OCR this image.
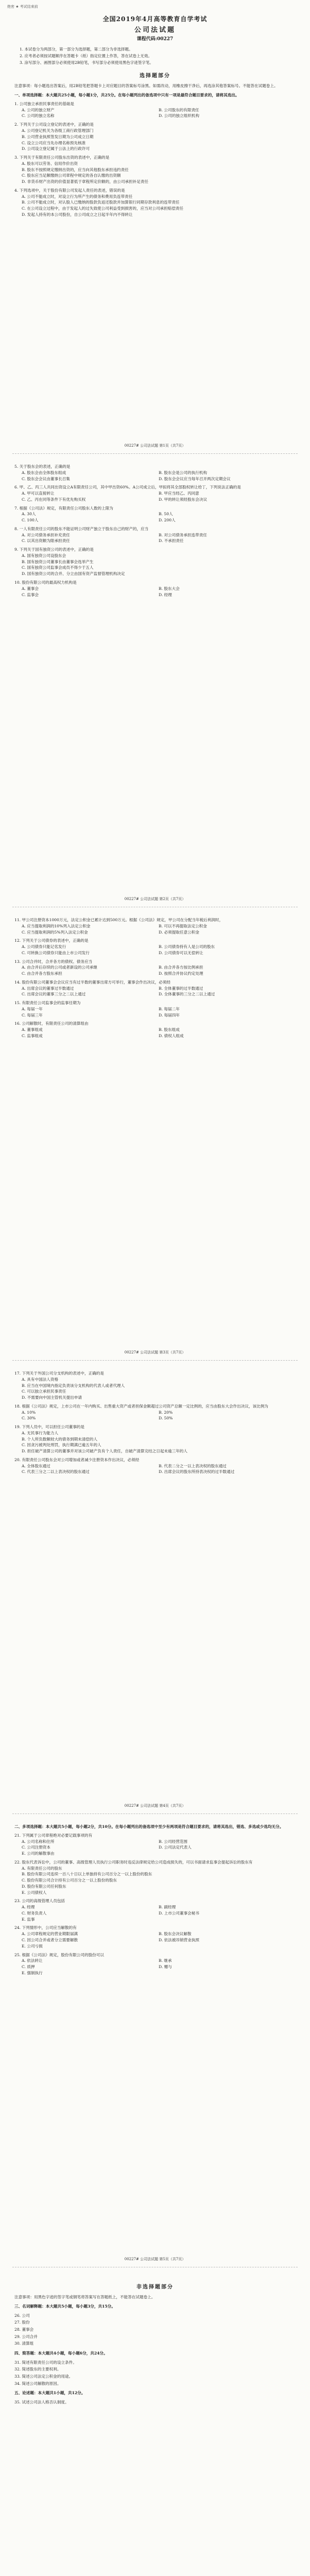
绝密 ★ 考试结束前
全国2019年4月高等教育自学考试
公司法试题
课程代码:00227
1. 本试卷分为两部分，第一部分为选择题，第二部分为非选择题。
2. 应考者必须按试题顺序在答题卡（纸）指定位置上作答，答在试卷上无效。
3. 涂写部分、画图部分必须使用2B铅笔，书写部分必须使用黑色字迹签字笔。
选择题部分
注意事项：每小题选出答案后，用2B铅笔把答题卡上对应题目的答案标号涂黑。如需改动，用橡皮擦干净后，再选涂其他答案标号。不能答在试题卷上。
一、单项选择题：本大题共25小题，每小题1分，共25分。在每小题列出的备选项中只有一项是最符合题目要求的，请将其选出。
1. 公司独立承担民事责任的基础是
A. 公司的独立财产	B. 公司股东的有限责任
C. 公司的独立名称	D. 公司的独立组织机构
2. 下列关于公司设立登记的表述中，正确的是
A. 公司登记机关为各级工商行政管理部门
B. 公司营业执照签发日期为公司成立日期
C. 设立公司应当先办理名称预先核准
D. 公司设立登记属于公法上的行政许可
3. 下列关于有限责任公司股东出资的表述中，正确的是
A. 股东可以劳务、信用作价出资
B. 股东不按照规定缴纳出资的，应当向其他股东承担违约责任
C. 股东应当足额缴纳公司章程中规定的各自认缴的出资额
D. 非货币财产出资的价值显著低于章程所定价额的，由公司承担补足责任
4. 下列选项中，关于股份有限公司发起人责任的表述，错误的是
A. 公司不能成立时，对设立行为所产生的债务和费用负连带责任
B. 公司不能成立时，对认股人已缴纳的股款负返还股款并加算银行同期存款利息的连带责任
C. 在公司设立过程中，由于发起人的过失致使公司利益受到损害的，应当对公司承担赔偿责任
D. 发起人持有的本公司股份，自公司成立之日起半年内不得转让
00227# 公司法试题 第1页（共7页）
5. 关于股东会的表述，正确的是
A. 股东会由全体股东组成	B. 股东会是公司的执行机构
C. 股东会会议由董事长召集	D. 股东会会议应当每年召开两次定期会议
6. 甲、乙、丙三人共同出资设立A有限责任公司，其中甲出资60%。A公司成立后，甲拟将其全部股权转让给丁，下列说法正确的是
A. 甲可以直接转让	B. 甲应当经乙、丙同意
C. 乙、丙在同等条件下有优先购买权	D. 甲的转让须经股东会决议
7. 根据《公司法》规定，有限责任公司股东人数的上限为
A. 30人	B. 50人
C. 100人	D. 200人
8. 一人有限责任公司的股东不能证明公司财产独立于股东自己的财产的，应当
A. 对公司债务承担补充责任	B. 对公司债务承担连带责任
C. 以其出资额为限承担责任	D. 不承担责任
9. 下列关于国有独资公司的表述中，正确的是
A. 国有独资公司设股东会
B. 国有独资公司董事长由董事会选举产生
C. 国有独资公司监事会成员不得少于五人
D. 国有独资公司的合并、分立由国有资产监督管理机构决定
10. 股份有限公司的最高权力机构是
A. 董事会	B. 股东大会
C. 监事会	D. 经理
00227# 公司法试题 第2页（共7页）
11. 甲公司注册资本1000万元，法定公积金已累计达到500万元。根据《公司法》规定，甲公司在分配当年税后利润时，
A. 应当提取利润的10%列入法定公积金	B. 可以不再提取法定公积金
C. 应当提取利润的5%列入法定公积金	D. 必须提取任意公积金
12. 下列关于公司债券的表述中，正确的是
A. 公司债券只能记名发行	B. 公司债券持有人是公司的股东
C. 可转换公司债券只能由上市公司发行	D. 公司债券可以无偿转让
13. 公司合并时，合并各方的债权、债务应当
A. 由合并后存续的公司或者新设的公司承继	B. 由合并各方按比例承担
C. 由合并各方股东承担	D. 按照合并协议约定处理
14. 股份有限公司董事会会议应当有过半数的董事出席方可举行，董事会作出决议，必须经
A. 出席会议的董事过半数通过	B. 全体董事的过半数通过
C. 出席会议的董事三分之二以上通过	D. 全体董事的三分之二以上通过
15. 有限责任公司监事会的监事任期为
A. 每届一年	B. 每届二年
C. 每届三年	D. 每届四年
16. 公司解散时，有限责任公司的清算组由
A. 董事组成	B. 股东组成
C. 监事组成	D. 债权人组成
00227# 公司法试题 第3页（共7页）
17. 下列关于外国公司分支机构的表述中，正确的是
A. 具有中国法人资格
B. 应当在中国境内指定负责该分支机构的代表人或者代理人
C. 可以独立承担民事责任
D. 不需要向中国主管机关提出申请
18. 根据《公司法》规定，上市公司在一年内购买、出售重大资产或者担保金额超过公司资产总额一定比例的，应当由股东大会作出决议，该比例为
A. 10%	B. 20%
C. 30%	D. 50%
19. 下列人员中，可以担任公司董事的是
A. 无民事行为能力人
B. 个人所负数额较大的债务到期未清偿的人
C. 因贪污被判处刑罚，执行期满已逾五年的人
D. 担任破产清算公司的董事并对该公司破产负有个人责任，自破产清算完结之日起未逾三年的人
20. 有限责任公司股东会对公司增加或者减少注册资本作出决议，必须经
A. 全体股东通过	B. 代表二分之一以上表决权的股东通过
C. 代表三分之二以上表决权的股东通过	D. 出席会议的股东所持表决权的过半数通过
00227# 公司法试题 第4页（共7页）
二、多项选择题：本大题共5小题，每小题2分，共10分。在每小题列出的备选项中至少有两项是符合题目要求的，请将其选出，错选、多选或少选均无分。
21. 下列属于公司章程绝对必要记载事项的有
A. 公司名称和住所	B. 公司经营范围
C. 公司注册资本	D. 公司法定代表人
E. 公司的解散事由
22. 股东代表诉讼中，公司的董事、高级管理人员执行公司职务时违反法律规定给公司造成损失的，可以书面请求监事会提起诉讼的股东有
A. 有限责任公司的股东
B. 股份有限公司连续一百八十日以上单独持有公司百分之一以上股份的股东
C. 股份有限公司合计持有公司百分之一以上股份的股东
D. 股份有限公司任何股东
E. 公司债权人
23. 公司的高级管理人员包括
A. 经理	B. 副经理
C. 财务负责人	D. 上市公司董事会秘书
E. 监事
24. 下列情形中，公司应当解散的有
A. 公司章程规定的营业期限届满	B. 股东会决议解散
C. 因公司合并或者分立需要解散	D. 依法被吊销营业执照
E. 公司亏损
25. 根据《公司法》规定，股份有限公司的股份可以
A. 依法转让	B. 继承
C. 质押	D. 赠与
E. 强制执行
00227# 公司法试题 第5页（共7页）
非选择题部分
注意事项：用黑色字迹的签字笔或钢笔将答案写在答题纸上，不能答在试题卷上。
三、名词解释题：本大题共5小题，每小题3分，共15分。
26. 公司
27. 股份
28. 董事会
29. 公司合并
30. 清算组
四、简答题：本大题共4小题，每小题6分，共24分。
31. 简述有限责任公司的设立条件。
32. 简述股东的主要权利。
33. 简述公司法定公积金的用途。
34. 简述公司解散的原因。
五、论述题：本大题共1小题，共12分。
35. 试述公司法人格否认制度。
